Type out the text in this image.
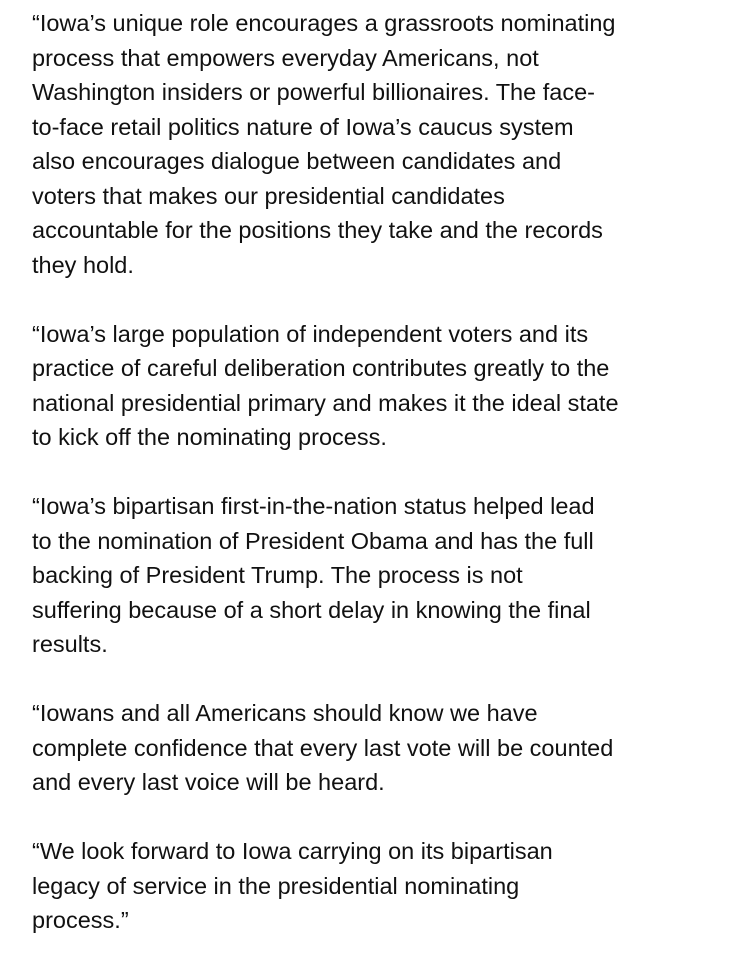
“Iowa’s unique role encourages a grassroots nominating
process that empowers everyday Americans, not
Washington insiders or powerful billionaires. The face-
to-face retail politics nature of Iowa’s caucus system
also encourages dialogue between candidates and
voters that makes our presidential candidates
accountable for the positions they take and the records
they hold.

“Iowa’s large population of independent voters and its
practice of careful deliberation contributes greatly to the
national presidential primary and makes it the ideal state
to kick off the nominating process.

“Iowa’s bipartisan first-in-the-nation status helped lead
to the nomination of President Obama and has the full
backing of President Trump. The process is not
suffering because of a short delay in knowing the final
results.

“Iowans and all Americans should know we have
complete confidence that every last vote will be counted
and every last voice will be heard.

“We look forward to Iowa carrying on its bipartisan
legacy of service in the presidential nominating
process.”
